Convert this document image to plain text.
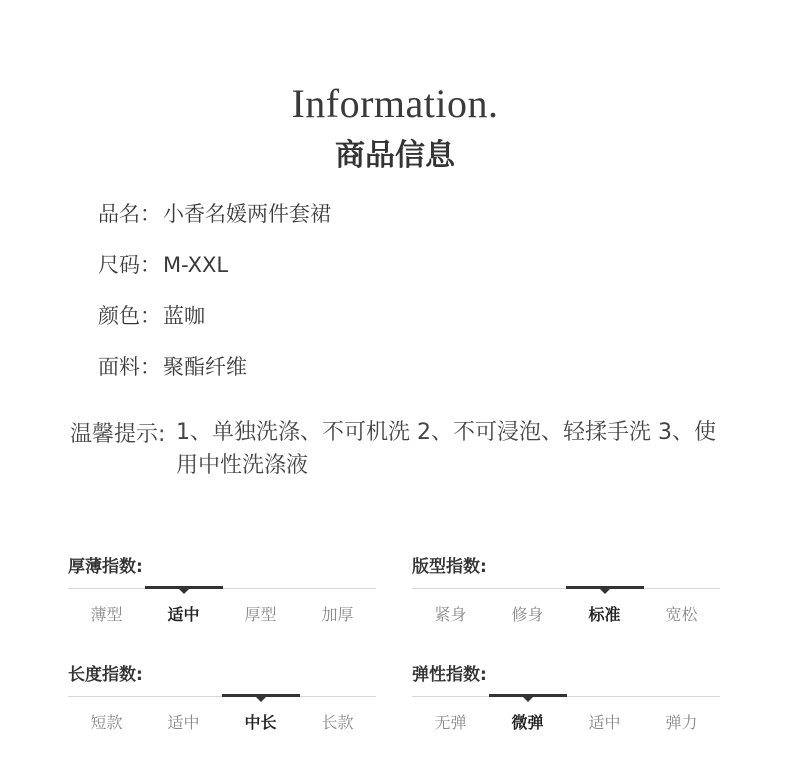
Information.
商品信息
品名：小香名媛两件套裙
尺码：M-XXL
颜色：蓝咖
面料：聚酯纤维
温馨提示: 1、单独洗涤、不可机洗 2、不可浸泡、轻揉手洗 3、使用中性洗涤液
厚薄指数:
薄型	适中	厚型	加厚
版型指数:
紧身	修身	标准	宽松
长度指数:
短款	适中	中长	长款
弹性指数:
无弹	微弹	适中	弹力
